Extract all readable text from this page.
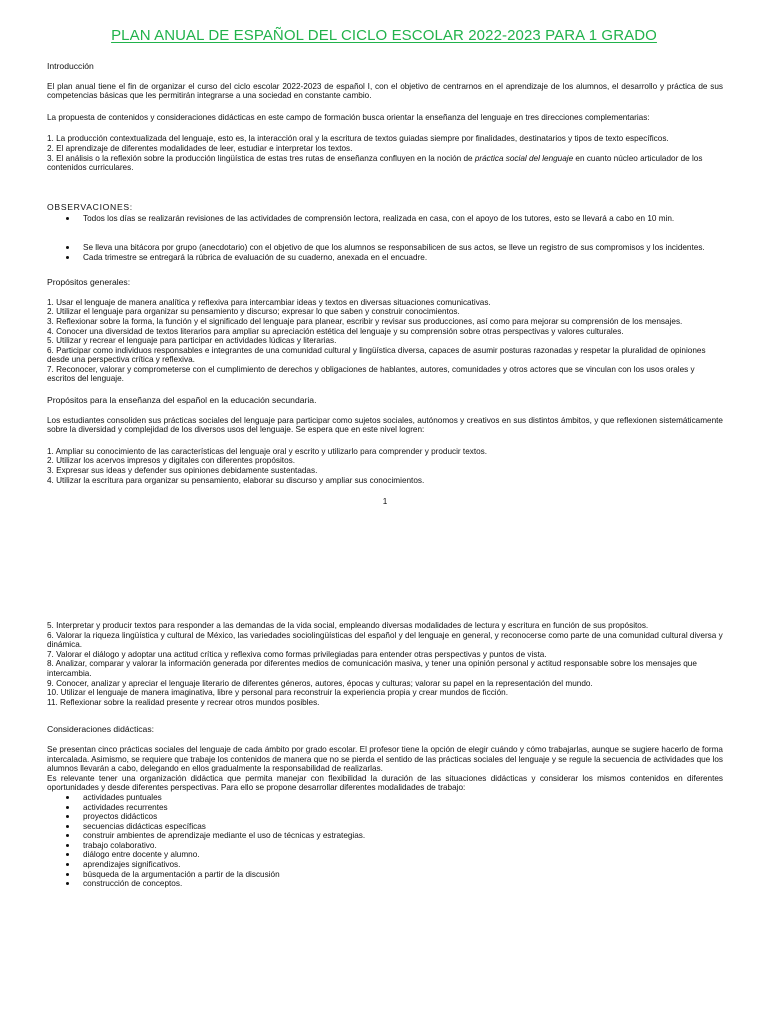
PLAN ANUAL DE ESPAÑOL DEL CICLO ESCOLAR 2022-2023 PARA 1 GRADO
Introducción
El plan anual tiene el fin de organizar el curso del ciclo escolar 2022-2023 de español I, con el objetivo de centrarnos en el aprendizaje de los alumnos, el desarrollo y práctica de sus competencias básicas que les permitirán integrarse a una sociedad en constante cambio.
La propuesta de contenidos y consideraciones didácticas en este campo de formación busca orientar la enseñanza del lenguaje en tres direcciones complementarias:
1. La producción contextualizada del lenguaje, esto es, la interacción oral y la escritura de textos guiadas siempre por finalidades, destinatarios y tipos de texto específicos.
2. El aprendizaje de diferentes modalidades de leer, estudiar e interpretar los textos.
3. El análisis o la reflexión sobre la producción lingüística de estas tres rutas de enseñanza confluyen en la noción de práctica social del lenguaje en cuanto núcleo articulador de los contenidos curriculares.
OBSERVACIONES:
Todos los días se realizarán revisiones de las actividades de comprensión lectora, realizada en casa, con el apoyo de los tutores, esto se llevará a cabo en 10 min.
Se lleva una bitácora por grupo (anecdotario) con el objetivo de que los alumnos se responsabilicen de sus actos, se lleve un registro de sus compromisos y los incidentes.
Cada trimestre se entregará la rúbrica de evaluación de su cuaderno, anexada en el encuadre.
Propósitos generales:
1. Usar el lenguaje de manera analítica y reflexiva para intercambiar ideas y textos en diversas situaciones comunicativas.
2. Utilizar el lenguaje para organizar su pensamiento y discurso; expresar lo que saben y construir conocimientos.
3. Reflexionar sobre la forma, la función y el significado del lenguaje para planear, escribir y revisar sus producciones, así como para mejorar su comprensión de los mensajes.
4. Conocer una diversidad de textos literarios para ampliar su apreciación estética del lenguaje y su comprensión sobre otras perspectivas y valores culturales.
5. Utilizar y recrear el lenguaje para participar en actividades lúdicas y literarias.
6. Participar como individuos responsables e integrantes de una comunidad cultural y lingüística diversa, capaces de asumir posturas razonadas y respetar la pluralidad de opiniones desde una perspectiva crítica y reflexiva.
7. Reconocer, valorar y comprometerse con el cumplimiento de derechos y obligaciones de hablantes, autores, comunidades y otros actores que se vinculan con los usos orales y escritos del lenguaje.
Propósitos para la enseñanza del español en la educación secundaria.
Los estudiantes consoliden sus prácticas sociales del lenguaje para participar como sujetos sociales, autónomos y creativos en sus distintos ámbitos, y que reflexionen sistemáticamente sobre la diversidad y complejidad de los diversos usos del lenguaje. Se espera que en este nivel logren:
1. Ampliar su conocimiento de las características del lenguaje oral y escrito y utilizarlo para comprender y producir textos.
2. Utilizar los acervos impresos y digitales con diferentes propósitos.
3. Expresar sus ideas y defender sus opiniones debidamente sustentadas.
4. Utilizar la escritura para organizar su pensamiento, elaborar su discurso y ampliar sus conocimientos.
1
5. Interpretar y producir textos para responder a las demandas de la vida social, empleando diversas modalidades de lectura y escritura en función de sus propósitos.
6. Valorar la riqueza lingüística y cultural de México, las variedades sociolingüísticas del español y del lenguaje en general, y reconocerse como parte de una comunidad cultural diversa y dinámica.
7. Valorar el diálogo y adoptar una actitud crítica y reflexiva como formas privilegiadas para entender otras perspectivas y puntos de vista.
8. Analizar, comparar y valorar la información generada por diferentes medios de comunicación masiva, y tener una opinión personal y actitud responsable sobre los mensajes que intercambia.
9. Conocer, analizar y apreciar el lenguaje literario de diferentes géneros, autores, épocas y culturas; valorar su papel en la representación del mundo.
10. Utilizar el lenguaje de manera imaginativa, libre y personal para reconstruir la experiencia propia y crear mundos de ficción.
11. Reflexionar sobre la realidad presente y recrear otros mundos posibles.
Consideraciones didácticas:
Se presentan cinco prácticas sociales del lenguaje de cada ámbito por grado escolar. El profesor tiene la opción de elegir cuándo y cómo trabajarlas, aunque se sugiere hacerlo de forma intercalada. Asimismo, se requiere que trabaje los contenidos de manera que no se pierda el sentido de las prácticas sociales del lenguaje y se regule la secuencia de actividades que los alumnos llevarán a cabo, delegando en ellos gradualmente la responsabilidad de realizarlas.
Es relevante tener una organización didáctica que permita manejar con flexibilidad la duración de las situaciones didácticas y considerar los mismos contenidos en diferentes oportunidades y desde diferentes perspectivas. Para ello se propone desarrollar diferentes modalidades de trabajo:
actividades puntuales
actividades recurrentes
proyectos didácticos
secuencias didácticas específicas
construir ambientes de aprendizaje mediante el uso de técnicas y estrategias.
trabajo colaborativo.
diálogo entre docente y alumno.
aprendizajes significativos.
búsqueda de la argumentación a partir de la discusión
construcción de conceptos.
